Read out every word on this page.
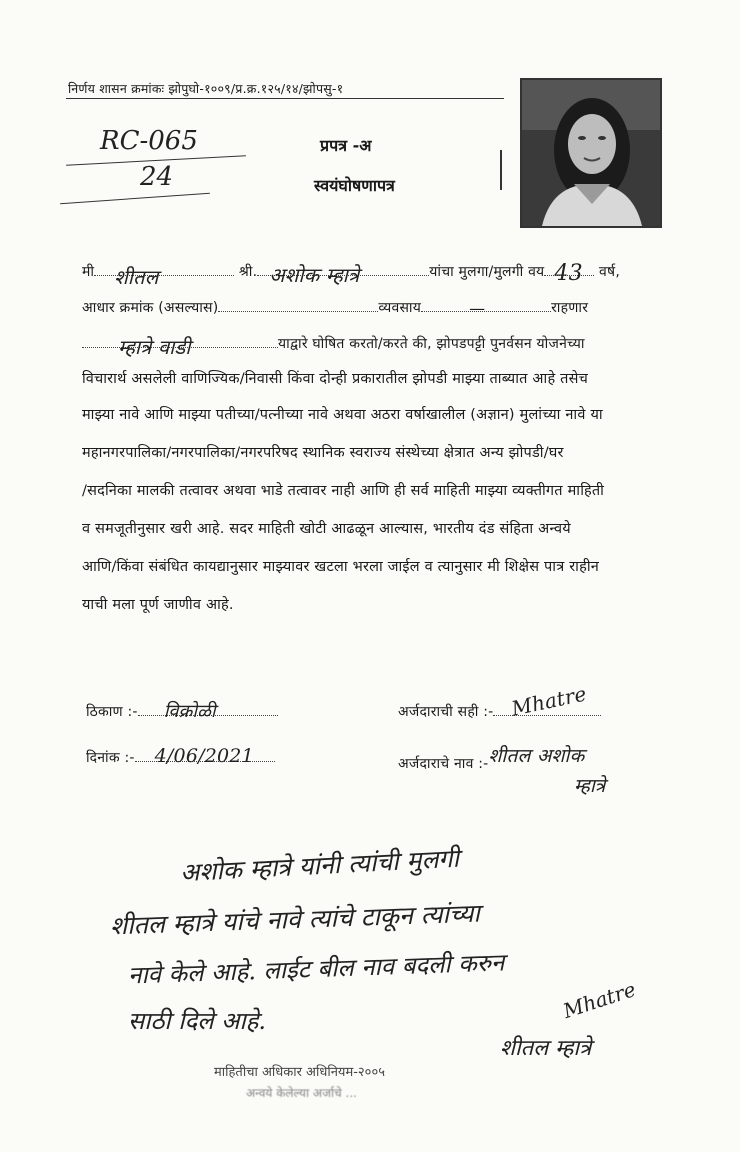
निर्णय शासन क्रमांकः झोपुघो-१००९/प्र.क्र.१२५/१४/झोपसु-१
RC-065
24
प्रपत्र -अ
स्वयंघोषणापत्र
मी शीतल	श्री. अशोक म्हात्रे	यांचा मुलगा/मुलगी वय 43 वर्ष,
आधार क्रमांक (असल्यास)	व्यवसाय	—	राहणार
म्हात्रे वाडी	याद्वारे घोषित करतो/करते की, झोपडपट्टी पुनर्वसन योजनेच्या
विचारार्थ असलेली वाणिज्यिक/निवासी किंवा दोन्ही प्रकारातील झोपडी माझ्या ताब्यात आहे तसेच
माझ्या नावे आणि माझ्या पतीच्या/पत्नीच्या नावे अथवा अठरा वर्षाखालील (अज्ञान) मुलांच्या नावे या
महानगरपालिका/नगरपालिका/नगरपरिषद स्थानिक स्वराज्य संस्थेच्या क्षेत्रात अन्य झोपडी/घर
/सदनिका मालकी तत्वावर अथवा भाडे तत्वावर नाही आणि ही सर्व माहिती माझ्या व्यक्तीगत माहिती
व समजूतीनुसार खरी आहे. सदर माहिती खोटी आढळून आल्यास, भारतीय दंड संहिता अन्वये
आणि/किंवा संबंधित कायद्यानुसार माझ्यावर खटला भरला जाईल व त्यानुसार मी शिक्षेस पात्र राहीन
याची मला पूर्ण जाणीव आहे.
ठिकाण :- विक्रोळी
दिनांक :- 4/06/2021
अर्जदाराची सही :- Mhatre
अर्जदाराचे नाव :-शीतल अशोक
म्हात्रे
अशोक म्हात्रे यांनी त्यांची मुलगी
शीतल म्हात्रे यांचे नावे त्यांचे टाकून त्यांच्या
नावे केले आहे. लाईट बील नाव बदली करुन
साठी दिले आहे.	Mhatre
शीतल म्हात्रे
माहितीचा अधिकार अधिनियम-२००५
अन्वये केलेल्या अर्जाचे ...
